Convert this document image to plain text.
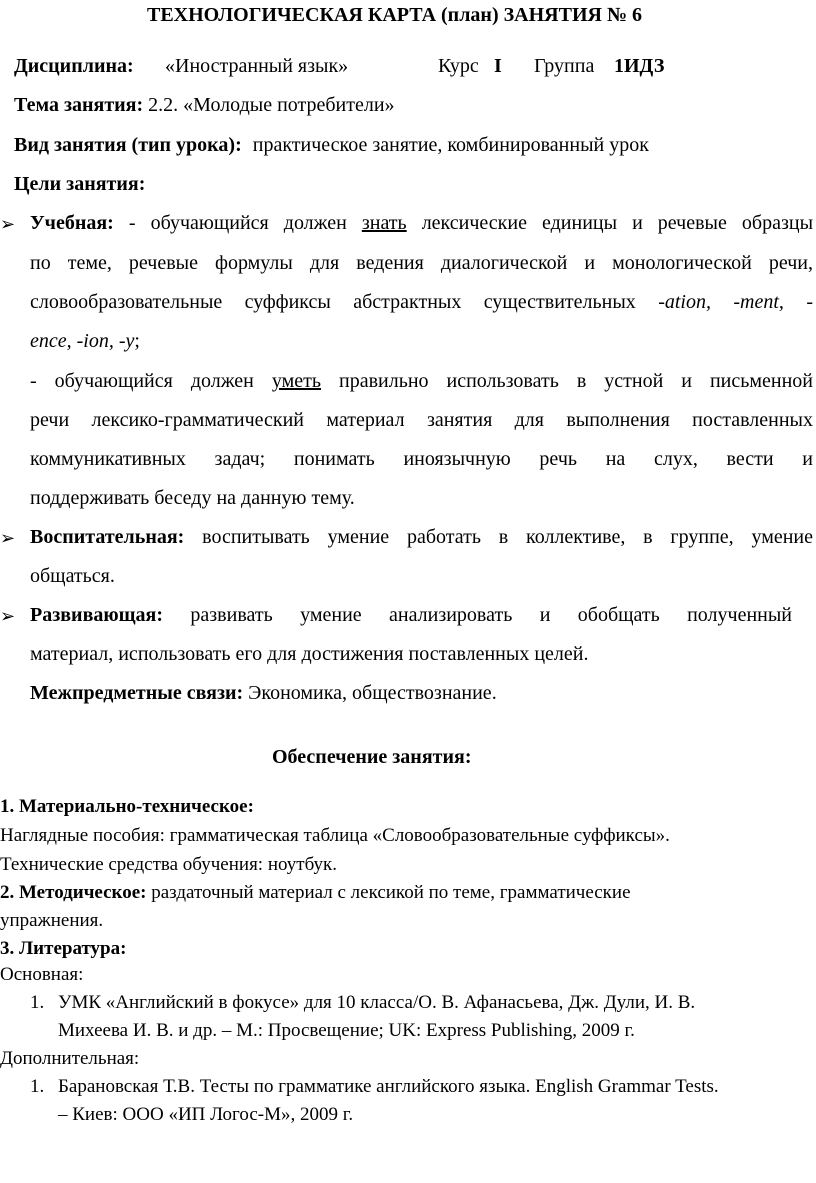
ТЕХНОЛОГИЧЕСКАЯ КАРТА (план) ЗАНЯТИЯ № 6
Дисциплина: «Иностранный язык»	Курс I Группа 1ИДЗ
Тема занятия: 2.2. «Молодые потребители»
Вид занятия (тип урока): практическое занятие, комбинированный урок
Цели занятия:
➢ Учебная: - обучающийся должен знать лексические единицы и речевые образцы
по теме, речевые формулы для ведения диалогической и монологической речи,
словообразовательные суффиксы абстрактных существительных -ation, -ment, -
ence, -ion, -y;
- обучающийся должен уметь правильно использовать в устной и письменной
речи лексико-грамматический материал занятия для выполнения поставленных
коммуникативных задач; понимать иноязычную речь на слух, вести и
поддерживать беседу на данную тему.
➢ Воспитательная: воспитывать умение работать в коллективе, в группе, умение
общаться.
➢ Развивающая: развивать умение анализировать и обобщать полученный
материал, использовать его для достижения поставленных целей.
Межпредметные связи: Экономика, обществознание.
Обеспечение занятия:
1. Материально-техническое:
Наглядные пособия: грамматическая таблица «Словообразовательные суффиксы».
Технические средства обучения: ноутбук.
2. Методическое: раздаточный материал с лексикой по теме, грамматические
упражнения.
3. Литература:
Основная:
1. УМК «Английский в фокусе» для 10 класса/О. В. Афанасьева, Дж. Дули, И. В.
Михеева И. В. и др. – М.: Просвещение; UK: Express Publishing, 2009 г.
Дополнительная:
1. Барановская Т.В. Тесты по грамматике английского языка. English Grammar Tests.
– Киев: ООО «ИП Логос-М», 2009 г.
